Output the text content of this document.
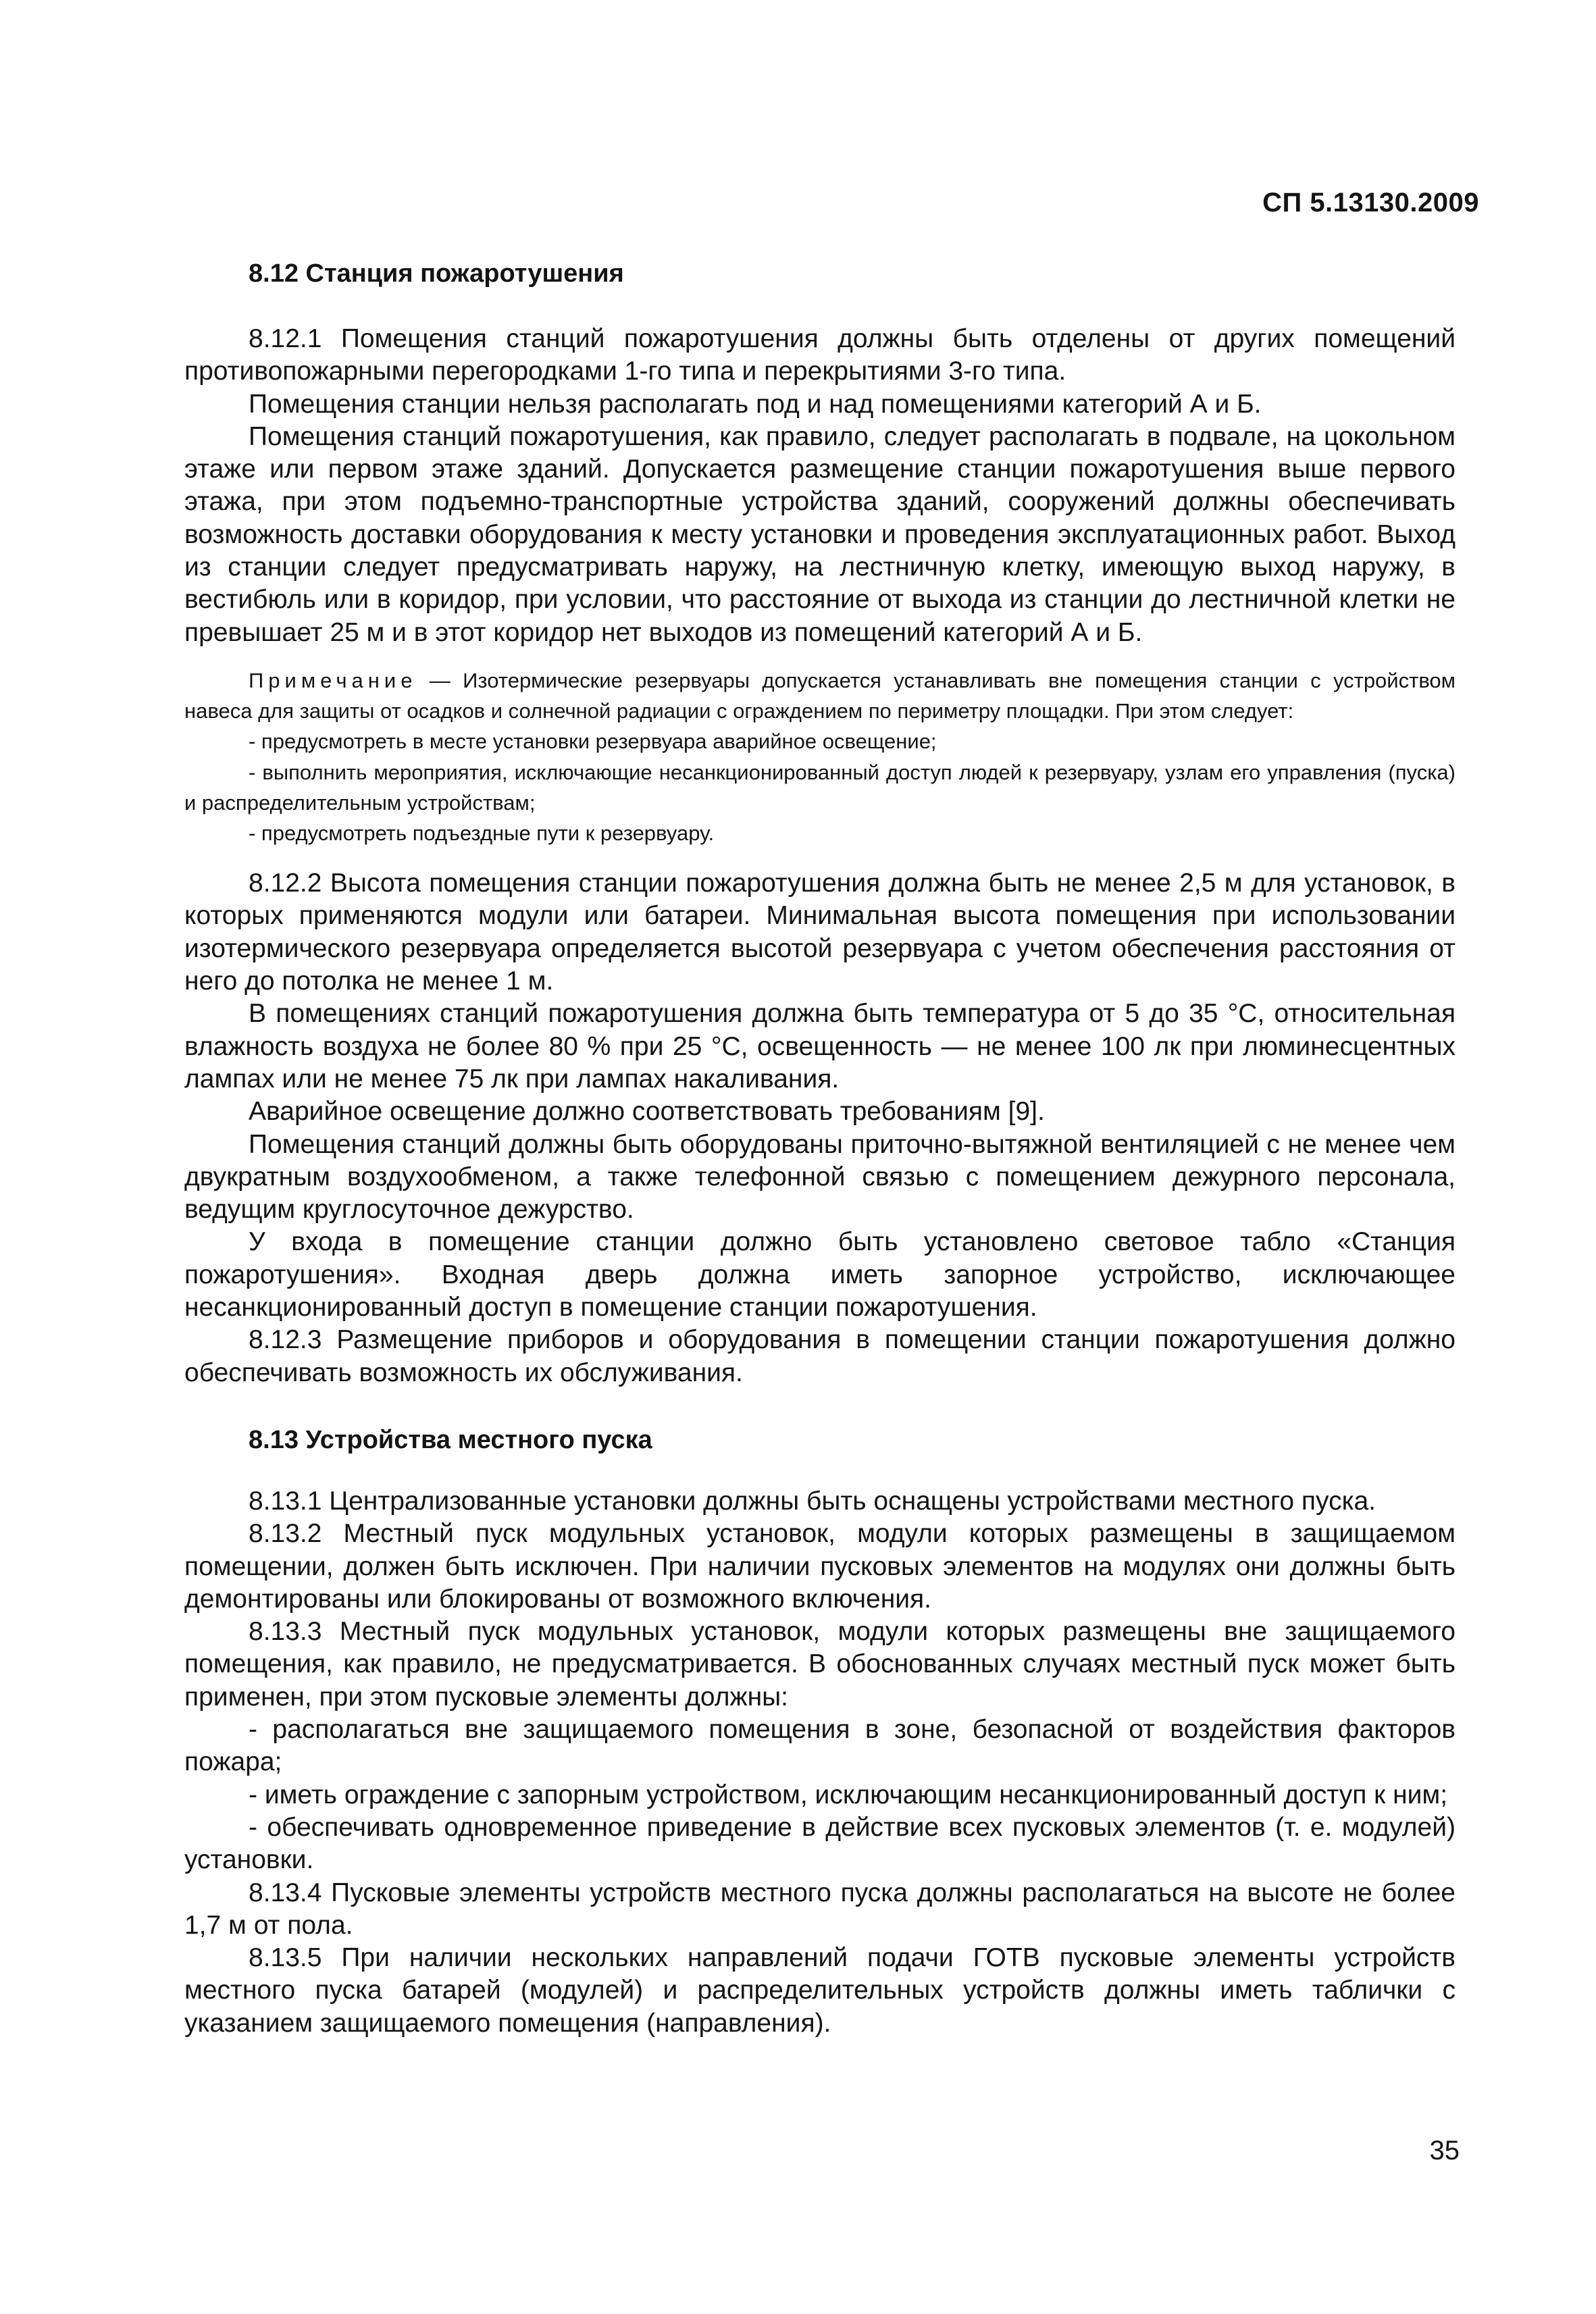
СП 5.13130.2009
8.12 Станция пожаротушения

8.12.1 Помещения станций пожаротушения должны быть отделены от других помещений противопожарными перегородками 1-го типа и перекрытиями 3-го типа.

Помещения станции нельзя располагать под и над помещениями категорий А и Б.

Помещения станций пожаротушения, как правило, следует располагать в подвале, на цокольном этаже или первом этаже зданий. Допускается размещение станции пожаротушения выше первого этажа, при этом подъемно-транспортные устройства зданий, сооружений должны обеспечивать возможность доставки оборудования к месту установки и проведения эксплуатационных работ. Выход из станции следует предусматривать наружу, на лестничную клетку, имеющую выход наружу, в вестибюль или в коридор, при условии, что расстояние от выхода из станции до лестничной клетки не превышает 25 м и в этот коридор нет выходов из помещений категорий А и Б.

Примечание — Изотермические резервуары допускается устанавливать вне помещения станции с устройством навеса для защиты от осадков и солнечной радиации с ограждением по периметру площадки. При этом следует:

- предусмотреть в месте установки резервуара аварийное освещение;

- выполнить мероприятия, исключающие несанкционированный доступ людей к резервуару, узлам его управления (пуска) и распределительным устройствам;

- предусмотреть подъездные пути к резервуару.

8.12.2 Высота помещения станции пожаротушения должна быть не менее 2,5 м для установок, в которых применяются модули или батареи. Минимальная высота помещения при использовании изотермического резервуара определяется высотой резервуара с учетом обеспечения расстояния от него до потолка не менее 1 м.

В помещениях станций пожаротушения должна быть температура от 5 до 35 °С, относительная влажность воздуха не более 80 % при 25 °С, освещенность — не менее 100 лк при люминесцентных лампах или не менее 75 лк при лампах накаливания.

Аварийное освещение должно соответствовать требованиям [9].

Помещения станций должны быть оборудованы приточно-вытяжной вентиляцией с не менее чем двукратным воздухообменом, а также телефонной связью с помещением дежурного персонала, ведущим круглосуточное дежурство.

У входа в помещение станции должно быть установлено световое табло «Станция пожаротушения». Входная дверь должна иметь запорное устройство, исключающее несанкционированный доступ в помещение станции пожаротушения.

8.12.3 Размещение приборов и оборудования в помещении станции пожаротушения должно обеспечивать возможность их обслуживания.

8.13 Устройства местного пуска

8.13.1 Централизованные установки должны быть оснащены устройствами местного пуска.

8.13.2 Местный пуск модульных установок, модули которых размещены в защищаемом помещении, должен быть исключен. При наличии пусковых элементов на модулях они должны быть демонтированы или блокированы от возможного включения.

8.13.3 Местный пуск модульных установок, модули которых размещены вне защищаемого помещения, как правило, не предусматривается. В обоснованных случаях местный пуск может быть применен, при этом пусковые элементы должны:

- располагаться вне защищаемого помещения в зоне, безопасной от воздействия факторов пожара;

- иметь ограждение с запорным устройством, исключающим несанкционированный доступ к ним;

- обеспечивать одновременное приведение в действие всех пусковых элементов (т. е. модулей) установки.

8.13.4 Пусковые элементы устройств местного пуска должны располагаться на высоте не более 1,7 м от пола.

8.13.5 При наличии нескольких направлений подачи ГОТВ пусковые элементы устройств местного пуска батарей (модулей) и распределительных устройств должны иметь таблички с указанием защищаемого помещения (направления).

35
